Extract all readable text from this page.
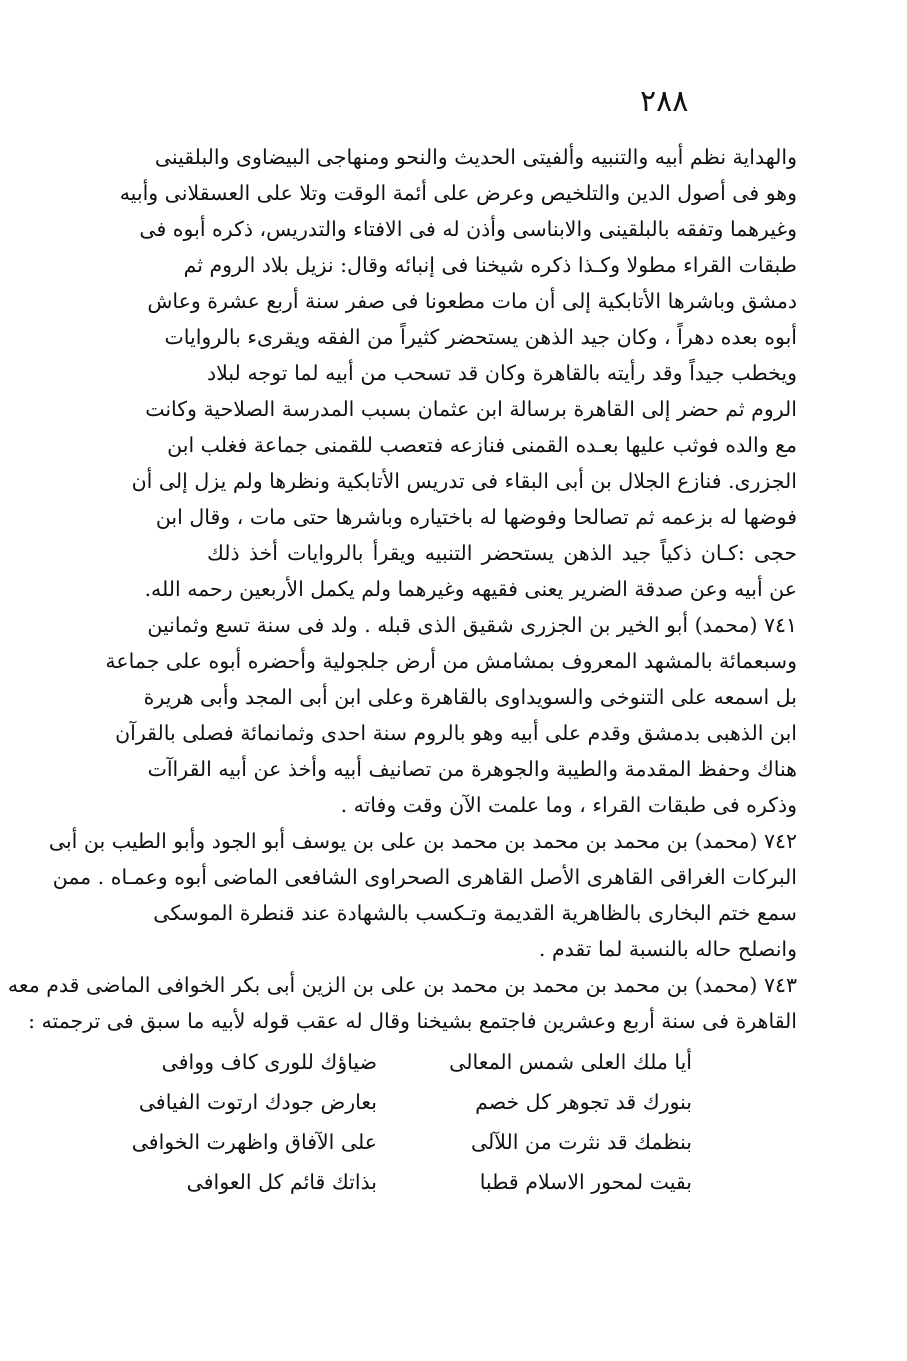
٢٨٨
والهداية نظم أبيه والتنبيه وألفيتى الحديث والنحو ومنهاجى البيضاوى والبلقينى
وهو فى أصول الدين والتلخيص وعرض على أئمة الوقت وتلا على العسقلانى وأبيه
وغيرهما وتفقه بالبلقينى والابناسى وأذن له فى الافتاء والتدريس، ذكره أبوه فى
طبقات القراء مطولا وكـذا ذكره شيخنا فى إنبائه وقال: نزيل بلاد الروم ثم
دمشق وباشرها الأتابكية إلى أن مات مطعونا فى صفر سنة أربع عشرة وعاش
أبوه بعده دهراً ، وكان جيد الذهن يستحضر كثيراً من الفقه ويقرىء بالروايات
ويخطب جيداً وقد رأيته بالقاهرة وكان قد تسحب من أبيه لما توجه لبلاد
الروم ثم حضر إلى القاهرة برسالة ابن عثمان بسبب المدرسة الصلاحية وكانت
مع والده فوثب عليها بعـده القمنى فنازعه فتعصب للقمنى جماعة فغلب ابن
الجزرى. فنازع الجلال بن أبى البقاء فى تدريس الأتابكية ونظرها ولم يزل إلى أن
فوضها له بزعمه ثم تصالحا وفوضها له باختياره وباشرها حتى مات ، وقال ابن
حجى :كـان ذكياً جيد الذهن يستحضر التنبيه ويقرأ بالروايات أخذ ذلك
عن أبيه وعن صدقة الضرير يعنى فقيهه وغيرهما ولم يكمل الأربعين رحمه الله.
٧٤١ (محمد) أبو الخير بن الجزرى شقيق الذى قبله . ولد فى سنة تسع وثمانين
وسبعمائة بالمشهد المعروف بمشامش من أرض جلجولية وأحضره أبوه على جماعة
بل اسمعه على التنوخى والسويداوى بالقاهرة وعلى ابن أبى المجد وأبى هريرة
ابن الذهبى بدمشق وقدم على أبيه وهو بالروم سنة احدى وثمانمائة فصلى بالقرآن
هناك وحفظ المقدمة والطيبة والجوهرة من تصانيف أبيه وأخذ عن أبيه القراآت
وذكره فى طبقات القراء ، وما علمت الآن وقت وفاته .
٧٤٢ (محمد) بن محمد بن محمد بن محمد بن على بن يوسف أبو الجود وأبو الطيب بن أبى
البركات الغراقى القاهرى الأصل القاهرى الصحراوى الشافعى الماضى أبوه وعمـاه . ممن
سمع ختم البخارى بالظاهرية القديمة وتـكسب بالشهادة عند قنطرة الموسكى
وانصلح حاله بالنسبة لما تقدم .
٧٤٣ (محمد) بن محمد بن محمد بن محمد بن على بن الزين أبى بكر الخوافى الماضى قدم معه
القاهرة فى سنة أربع وعشرين فاجتمع بشيخنا وقال له عقب قوله لأبيه ما سبق فى ترجمته :
أيا ملك العلى شمس المعالى
ضياؤك للورى كاف ووافى
بنورك قد تجوهر كل خصم
بعارض جودك ارتوت الفيافى
بنظمك قد نثرت من اللآلى
على الآفاق واظهرت الخوافى
بقيت لمحور الاسلام قطبا
بذاتك قائم كل العوافى
